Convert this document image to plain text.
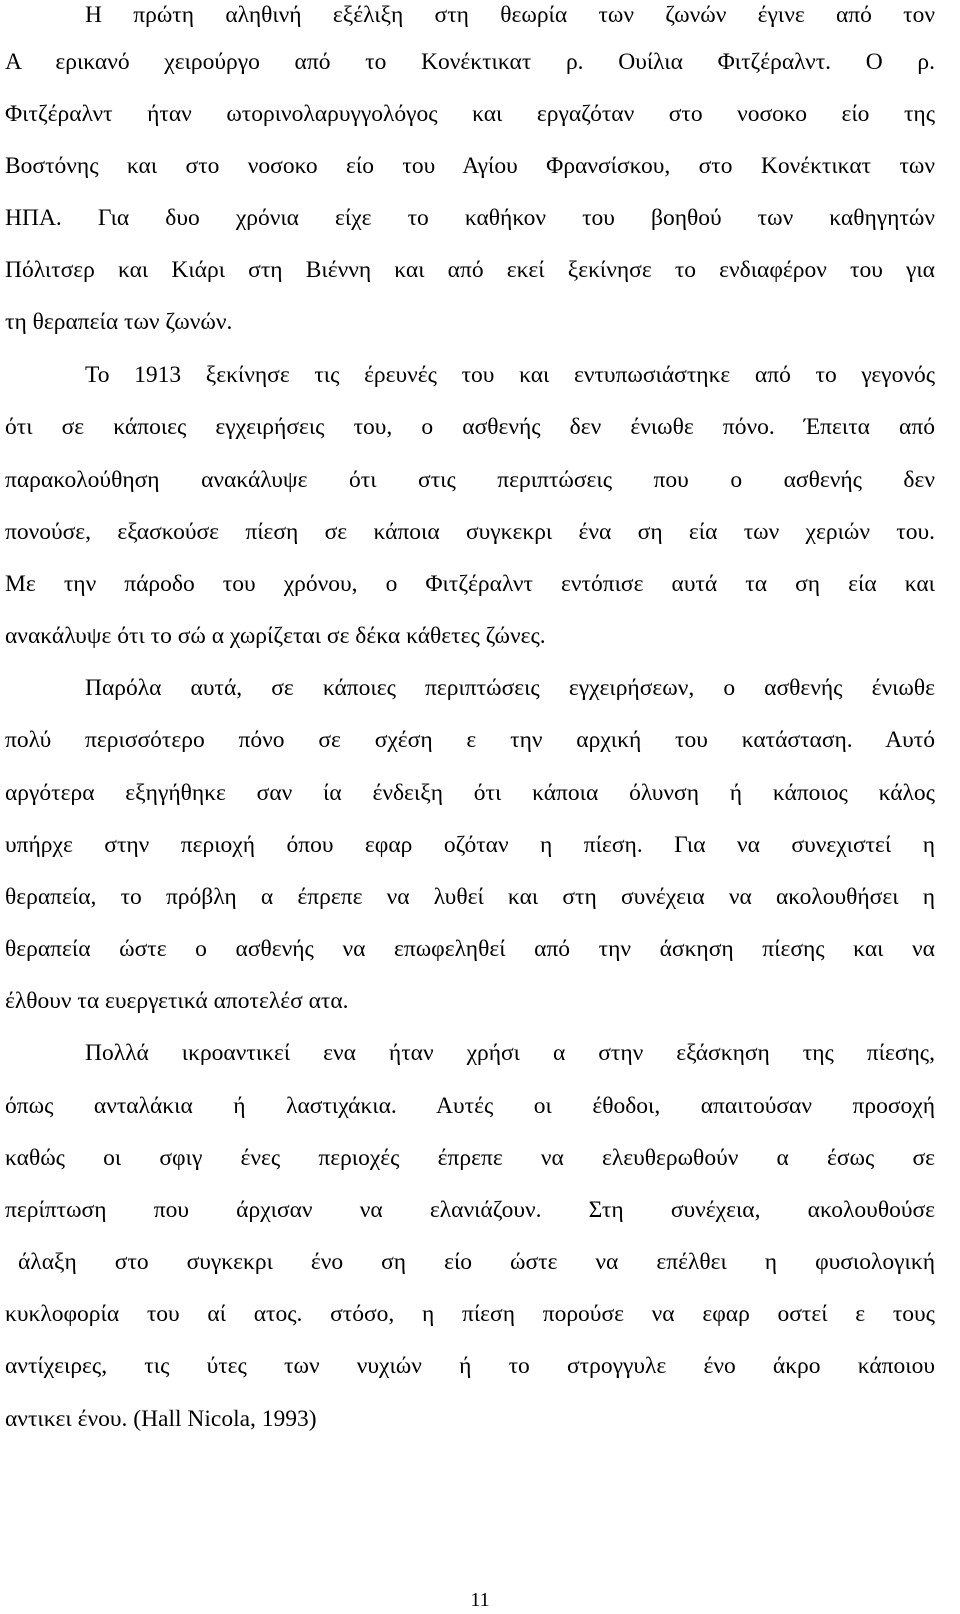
Η πρώτη αληθινή εξέλιξη στη θεωρία των ζωνών έγινε από τον
Α ερικανό χειρούργο από το Κονέκτικατ ρ. Ουίλια Φιτζέραλντ. Ο ρ.
Φιτζέραλντ ήταν ωτορινολαρυγγολόγος και εργαζόταν στο νοσοκο είο της
Βοστόνης και στο νοσοκο είο του Αγίου Φρανσίσκου, στο Κονέκτικατ των
ΗΠΑ. Για δυο χρόνια είχε το καθήκον του βοηθού των καθηγητών
Πόλιτσερ και Κιάρι στη Βιέννη και από εκεί ξεκίνησε το ενδιαφέρον του για
τη θεραπεία των ζωνών.
Το 1913 ξεκίνησε τις έρευνές του και εντυπωσιάστηκε από το γεγονός
ότι σε κάποιες εγχειρήσεις του, ο ασθενής δεν ένιωθε πόνο. Έπειτα από
παρακολούθηση ανακάλυψε ότι στις περιπτώσεις που ο ασθενής δεν
πονούσε, εξασκούσε πίεση σε κάποια συγκεκρι ένα ση εία των χεριών του.
Με την πάροδο του χρόνου, ο Φιτζέραλντ εντόπισε αυτά τα ση εία και
ανακάλυψε ότι το σώ α χωρίζεται σε δέκα κάθετες ζώνες.
Παρόλα αυτά, σε κάποιες περιπτώσεις εγχειρήσεων, ο ασθενής ένιωθε
πολύ περισσότερο πόνο σε σχέση ε την αρχική του κατάσταση. Αυτό
αργότερα εξηγήθηκε σαν ία ένδειξη ότι κάποια όλυνση ή κάποιος κάλος
υπήρχε στην περιοχή όπου εφαρ οζόταν η πίεση. Για να συνεχιστεί η
θεραπεία, το πρόβλη α έπρεπε να λυθεί και στη συνέχεια να ακολουθήσει η
θεραπεία ώστε ο ασθενής να επωφεληθεί από την άσκηση πίεσης και να
έλθουν τα ευεργετικά αποτελέσ ατα.
Πολλά ικροαντικεί ενα ήταν χρήσι α στην εξάσκηση της πίεσης,
όπως ανταλάκια ή λαστιχάκια. Αυτές οι έθοδοι, απαιτούσαν προσοχή
καθώς οι σφιγ ένες περιοχές έπρεπε να ελευθερωθούν α έσως σε
περίπτωση που άρχισαν να ελανιάζουν. Στη συνέχεια, ακολουθούσε
άλαξη στο συγκεκρι ένο ση είο ώστε να επέλθει η φυσιολογική
κυκλοφορία του αί ατος. στόσο, η πίεση πορούσε να εφαρ οστεί ε τους
αντίχειρες, τις ύτες των νυχιών ή το στρογγυλε ένο άκρο κάποιου
αντικει ένου. (Hall Nicola, 1993)
11
